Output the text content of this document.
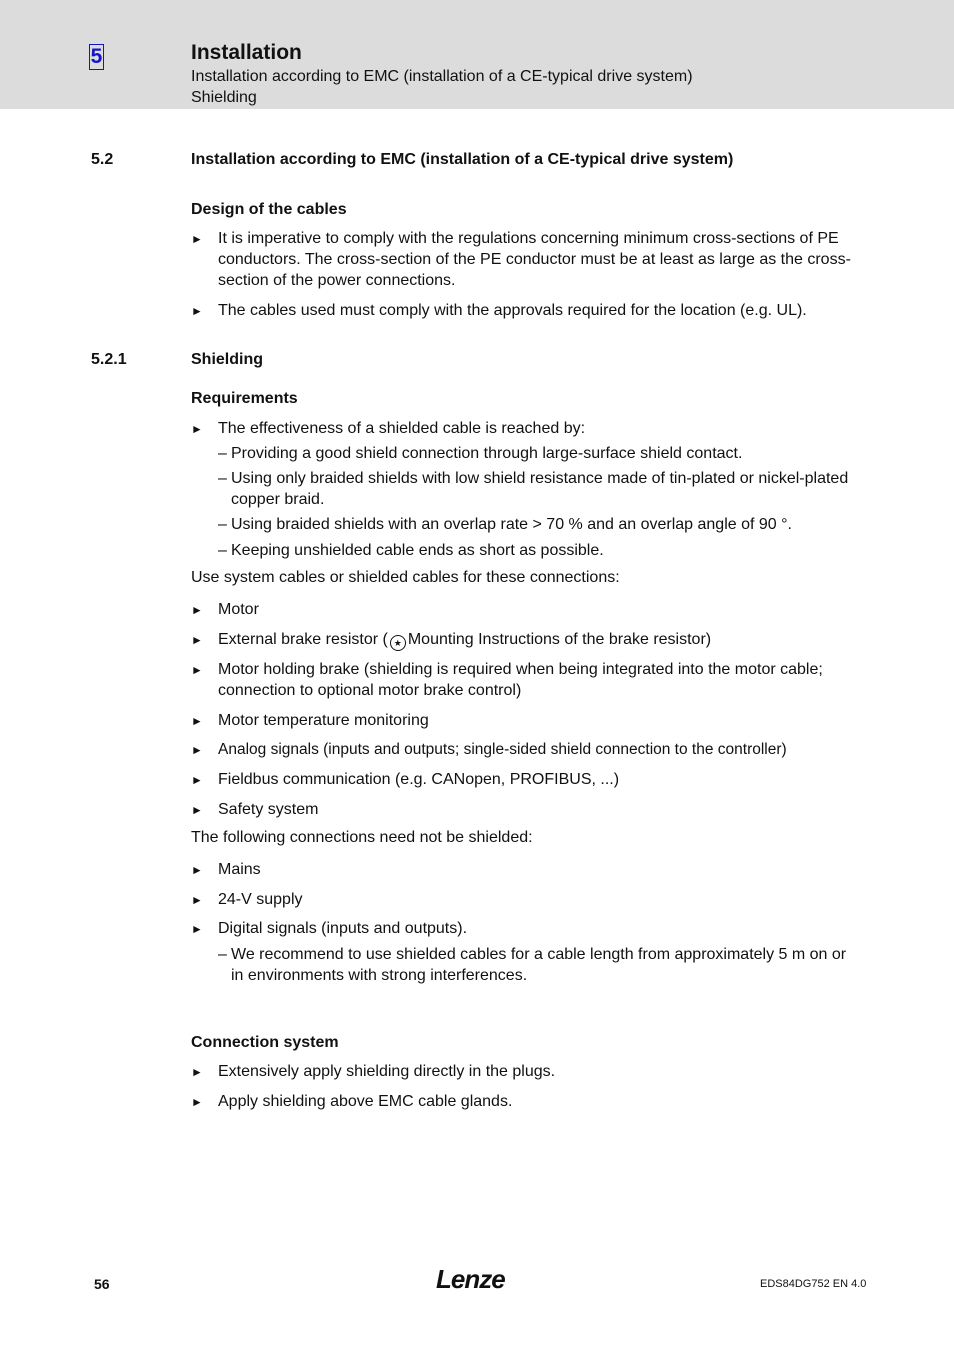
5	Installation
Installation according to EMC (installation of a CE-typical drive system)
Shielding
5.2	Installation according to EMC (installation of a CE-typical drive system)
Design of the cables
► It is imperative to comply with the regulations concerning minimum cross-sections of PE conductors. The cross-section of the PE conductor must be at least as large as the cross-section of the power connections.
► The cables used must comply with the approvals required for the location (e.g. UL).
5.2.1	Shielding
Requirements
► The effectiveness of a shielded cable is reached by:
– Providing a good shield connection through large-surface shield contact.
– Using only braided shields with low shield resistance made of tin-plated or nickel-plated copper braid.
– Using braided shields with an overlap rate > 70 % and an overlap angle of 90 °.
– Keeping unshielded cable ends as short as possible.
Use system cables or shielded cables for these connections:
► Motor
► External brake resistor ( ★ Mounting Instructions of the brake resistor)
► Motor holding brake (shielding is required when being integrated into the motor cable; connection to optional motor brake control)
► Motor temperature monitoring
► Analog signals (inputs and outputs; single-sided shield connection to the controller)
► Fieldbus communication (e.g. CANopen, PROFIBUS, ...)
► Safety system
The following connections need not be shielded:
► Mains
► 24-V supply
► Digital signals (inputs and outputs).
– We recommend to use shielded cables for a cable length from approximately 5 m on or in environments with strong interferences.
Connection system
► Extensively apply shielding directly in the plugs.
► Apply shielding above EMC cable glands.
56	Lenze	EDS84DG752 EN 4.0
